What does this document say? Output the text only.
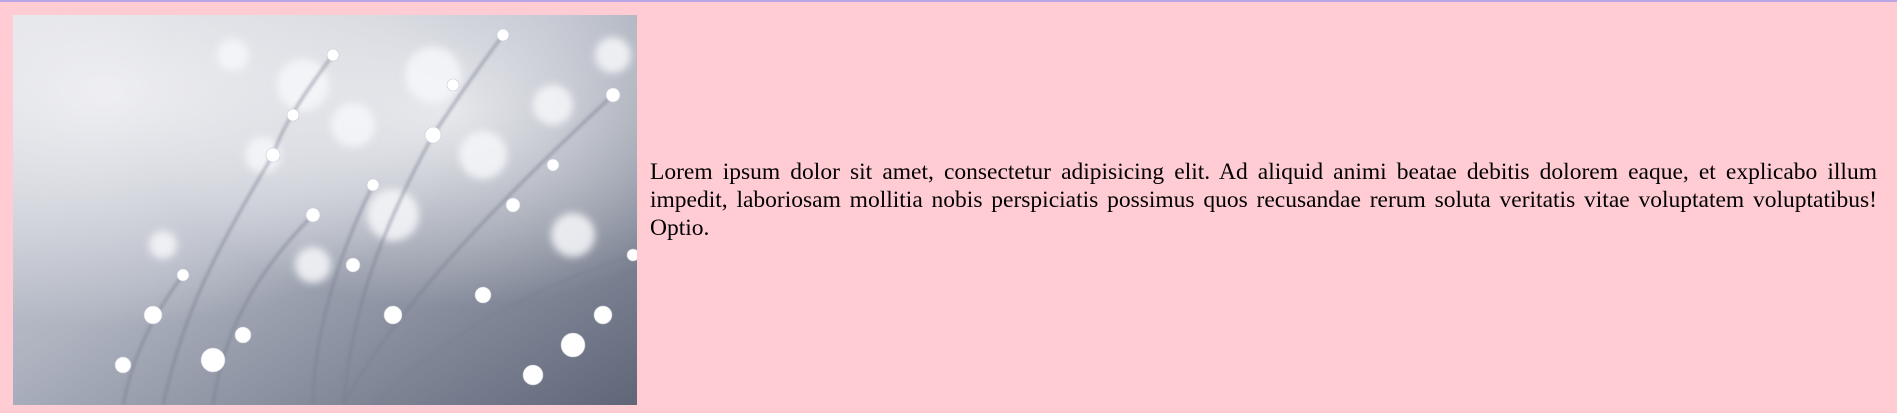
Lorem ipsum dolor sit amet, consectetur adipisicing elit. Ad aliquid animi beatae debitis dolorem eaque, et explicabo illum impedit, laboriosam mollitia nobis perspiciatis possimus quos recusandae rerum soluta veritatis vitae voluptatem voluptatibus! Optio.
